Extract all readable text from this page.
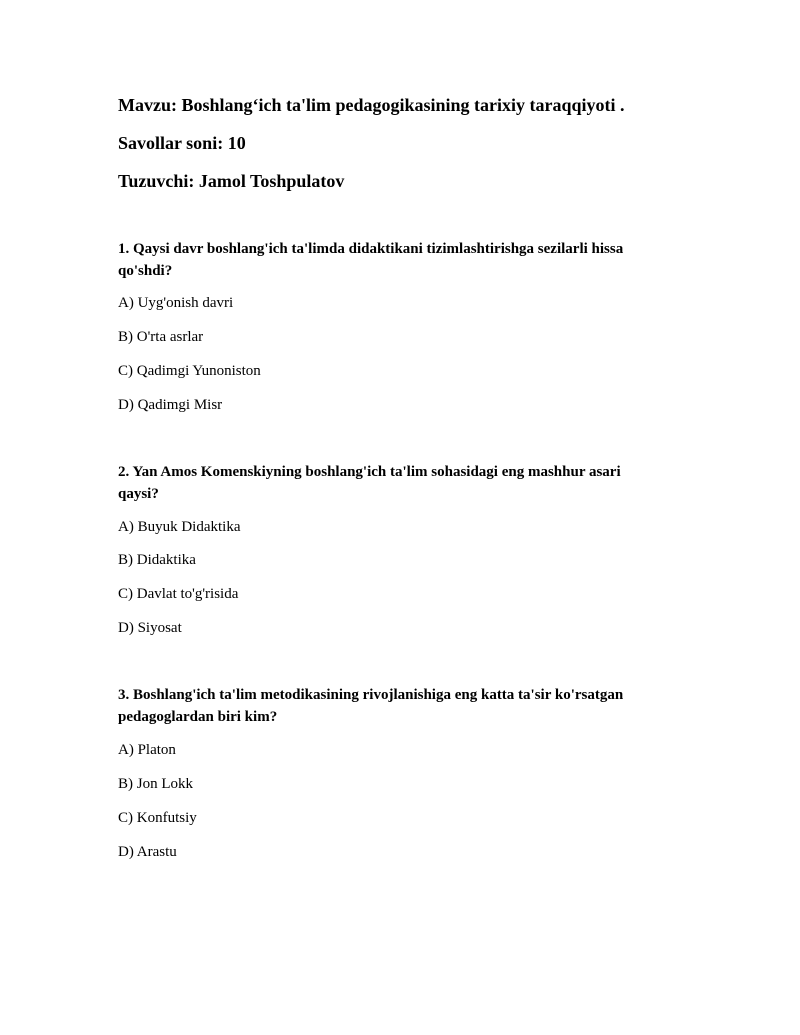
Mavzu: Boshlang‘ich ta'lim pedagogikasining tarixiy taraqqiyoti .
Savollar soni: 10
Tuzuvchi: Jamol Toshpulatov
1. Qaysi davr boshlang'ich ta'limda didaktikani tizimlashtirishga sezilarli hissa qo'shdi?
A) Uyg'onish davri
B) O'rta asrlar
C) Qadimgi Yunoniston
D) Qadimgi Misr
2. Yan Amos Komenskiyning boshlang'ich ta'lim sohasidagi eng mashhur asari qaysi?
A) Buyuk Didaktika
B) Didaktika
C) Davlat to'g'risida
D) Siyosat
3. Boshlang'ich ta'lim metodikasining rivojlanishiga eng katta ta'sir ko'rsatgan pedagoglardan biri kim?
A) Platon
B) Jon Lokk
C) Konfutsiy
D) Arastu
